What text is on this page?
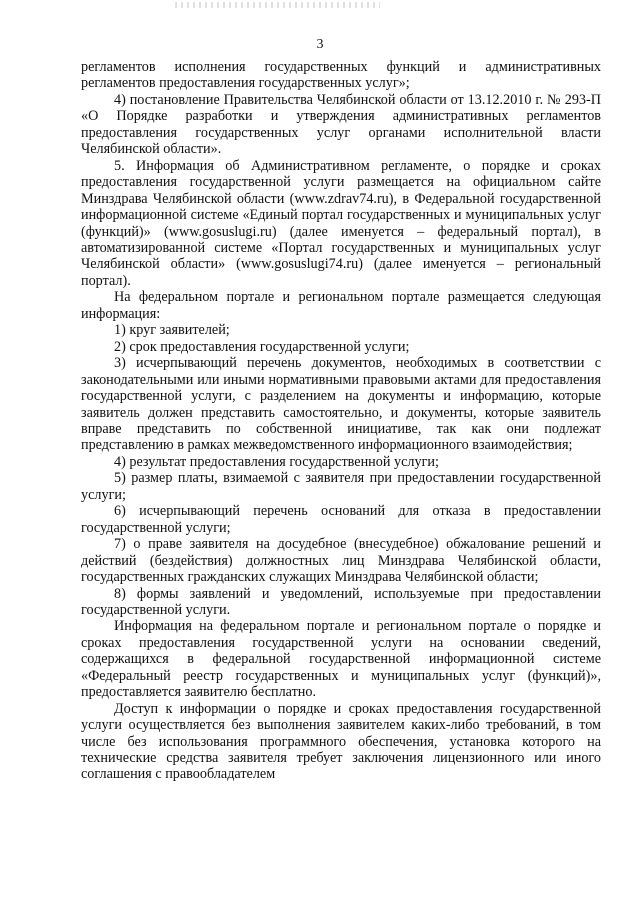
3

регламентов исполнения государственных функций и административных регламентов предоставления государственных услуг»;

4) постановление Правительства Челябинской области от 13.12.2010 г. № 293-П «О Порядке разработки и утверждения административных регламентов предоставления государственных услуг органами исполнительной власти Челябинской области».

5. Информация об Административном регламенте, о порядке и сроках предоставления государственной услуги размещается на официальном сайте Минздрава Челябинской области (www.zdrav74.ru), в Федеральной государственной информационной системе «Единый портал государственных и муниципальных услуг (функций)» (www.gosuslugi.ru) (далее именуется – федеральный портал), в автоматизированной системе «Портал государственных и муниципальных услуг Челябинской области» (www.gosuslugi74.ru) (далее именуется – региональный портал).

На федеральном портале и региональном портале размещается следующая информация:

1) круг заявителей;

2) срок предоставления государственной услуги;

3) исчерпывающий перечень документов, необходимых в соответствии с законодательными или иными нормативными правовыми актами для предоставления государственной услуги, с разделением на документы и информацию, которые заявитель должен представить самостоятельно, и документы, которые заявитель вправе представить по собственной инициативе, так как они подлежат представлению в рамках межведомственного информационного взаимодействия;

4) результат предоставления государственной услуги;

5) размер платы, взимаемой с заявителя при предоставлении государственной услуги;

6) исчерпывающий перечень оснований для отказа в предоставлении государственной услуги;

7) о праве заявителя на досудебное (внесудебное) обжалование решений и действий (бездействия) должностных лиц Минздрава Челябинской области, государственных гражданских служащих Минздрава Челябинской области;

8) формы заявлений и уведомлений, используемые при предоставлении государственной услуги.

Информация на федеральном портале и региональном портале о порядке и сроках предоставления государственной услуги на основании сведений, содержащихся в федеральной государственной информационной системе «Федеральный реестр государственных и муниципальных услуг (функций)», предоставляется заявителю бесплатно.

Доступ к информации о порядке и сроках предоставления государственной услуги осуществляется без выполнения заявителем каких-либо требований, в том числе без использования программного обеспечения, установка которого на технические средства заявителя требует заключения лицензионного или иного соглашения с правообладателем
